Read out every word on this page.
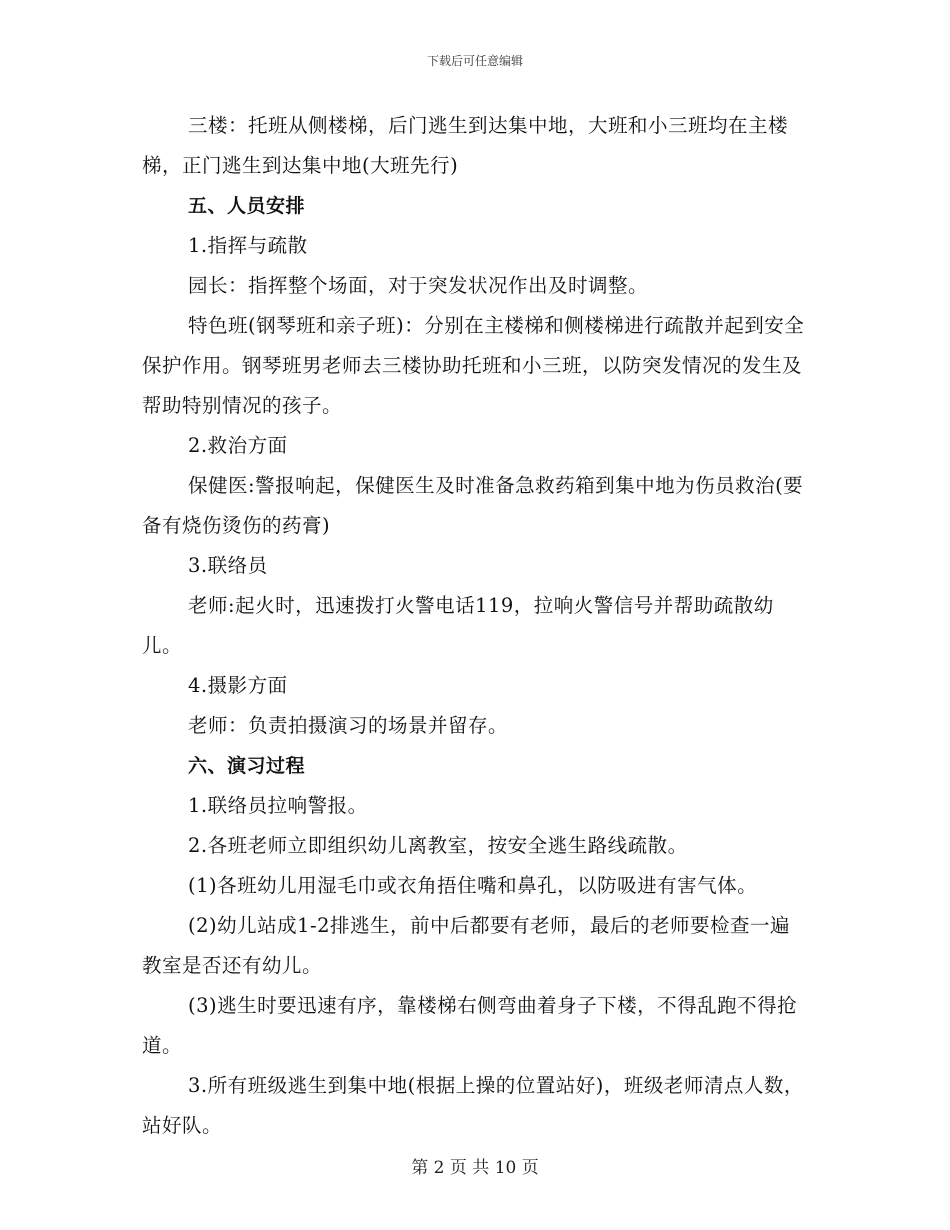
下载后可任意编辑

三楼：托班从侧楼梯，后门逃生到达集中地，大班和小三班均在主楼梯，正门逃生到达集中地(大班先行)

五、人员安排

1.指挥与疏散

园长：指挥整个场面，对于突发状况作出及时调整。

特色班(钢琴班和亲子班)：分别在主楼梯和侧楼梯进行疏散并起到安全保护作用。钢琴班男老师去三楼协助托班和小三班，以防突发情况的发生及帮助特别情况的孩子。

2.救治方面

保健医:警报响起，保健医生及时准备急救药箱到集中地为伤员救治(要备有烧伤烫伤的药膏)

3.联络员

老师:起火时，迅速拨打火警电话119，拉响火警信号并帮助疏散幼儿。

4.摄影方面

老师：负责拍摄演习的场景并留存。

六、演习过程

1.联络员拉响警报。

2.各班老师立即组织幼儿离教室，按安全逃生路线疏散。

(1)各班幼儿用湿毛巾或衣角捂住嘴和鼻孔，以防吸进有害气体。

(2)幼儿站成1-2排逃生，前中后都要有老师，最后的老师要检查一遍教室是否还有幼儿。

(3)逃生时要迅速有序，靠楼梯右侧弯曲着身子下楼，不得乱跑不得抢道。

3.所有班级逃生到集中地(根据上操的位置站好)，班级老师清点人数，站好队。

第 2 页 共 10 页
